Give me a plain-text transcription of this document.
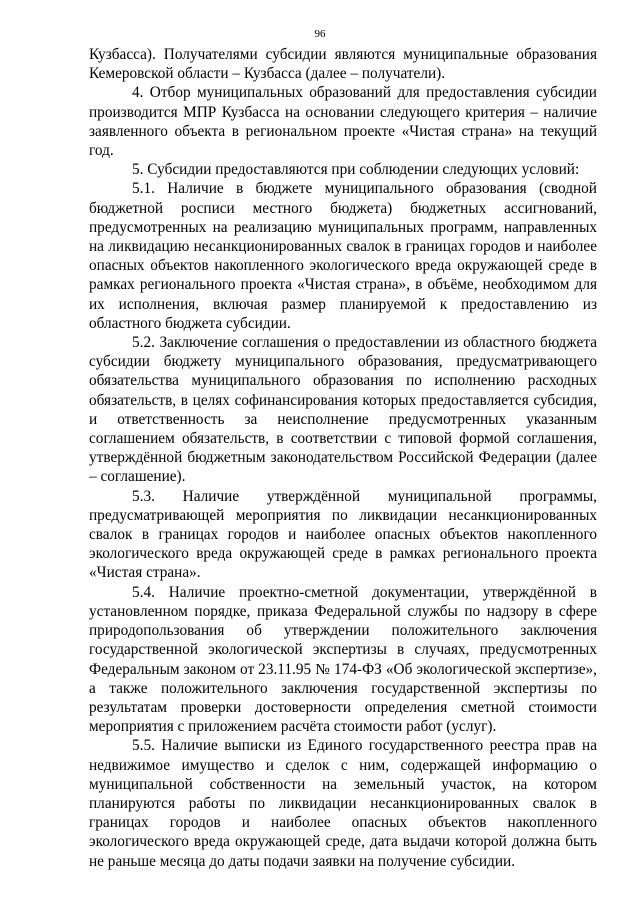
96

Кузбасса). Получателями субсидии являются муниципальные образования Кемеровской области – Кузбасса (далее – получатели).

4. Отбор муниципальных образований для предоставления субсидии производится МПР Кузбасса на основании следующего критерия – наличие заявленного объекта в региональном проекте «Чистая страна» на текущий год.

5. Субсидии предоставляются при соблюдении следующих условий:

5.1. Наличие в бюджете муниципального образования (сводной бюджетной росписи местного бюджета) бюджетных ассигнований, предусмотренных на реализацию муниципальных программ, направленных на ликвидацию несанкционированных свалок в границах городов и наиболее опасных объектов накопленного экологического вреда окружающей среде в рамках регионального проекта «Чистая страна», в объёме, необходимом для их исполнения, включая размер планируемой к предоставлению из областного бюджета субсидии.

5.2. Заключение соглашения о предоставлении из областного бюджета субсидии бюджету муниципального образования, предусматривающего обязательства муниципального образования по исполнению расходных обязательств, в целях софинансирования которых предоставляется субсидия, и ответственность за неисполнение предусмотренных указанным соглашением обязательств, в соответствии с типовой формой соглашения, утверждённой бюджетным законодательством Российской Федерации (далее – соглашение).

5.3. Наличие утверждённой муниципальной программы, предусматривающей мероприятия по ликвидации несанкционированных свалок в границах городов и наиболее опасных объектов накопленного экологического вреда окружающей среде в рамках регионального проекта «Чистая страна».

5.4. Наличие проектно-сметной документации, утверждённой в установленном порядке, приказа Федеральной службы по надзору в сфере природопользования об утверждении положительного заключения государственной экологической экспертизы в случаях, предусмотренных Федеральным законом от 23.11.95 № 174-ФЗ «Об экологической экспертизе», а также положительного заключения государственной экспертизы по результатам проверки достоверности определения сметной стоимости мероприятия с приложением расчёта стоимости работ (услуг).

5.5. Наличие выписки из Единого государственного реестра прав на недвижимое имущество и сделок с ним, содержащей информацию о муниципальной собственности на земельный участок, на котором планируются работы по ликвидации несанкционированных свалок в границах городов и наиболее опасных объектов накопленного экологического вреда окружающей среде, дата выдачи которой должна быть не раньше месяца до даты подачи заявки на получение субсидии.
